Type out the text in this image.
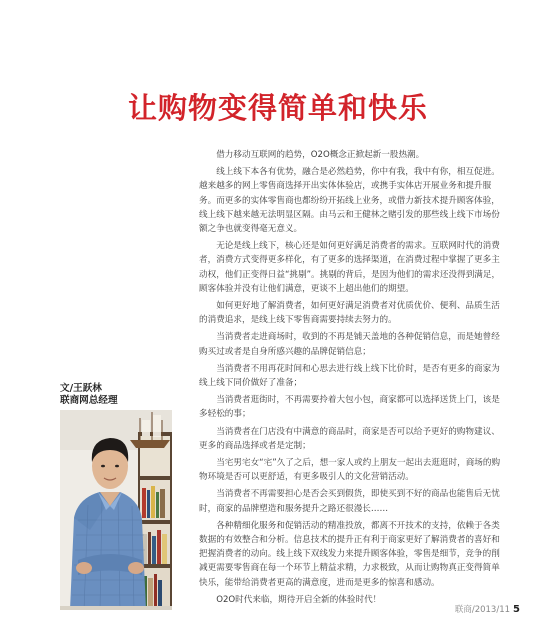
让购物变得简单和快乐

借力移动互联网的趋势，O2O概念正掀起新一股热潮。

线上线下本各有优势，融合是必然趋势，你中有我，我中有你，相互促进。越来越多的网上零售商选择开出实体体验店，或携手实体店开展业务和提升服务。而更多的实体零售商也都纷纷开拓线上业务，或借力新技术提升顾客体验，线上线下越来越无法明显区隔。由马云和王健林之赌引发的那些线上线下市场份额之争也就变得毫无意义。

无论是线上线下，核心还是如何更好满足消费者的需求。互联网时代的消费者，消费方式变得更多样化，有了更多的选择渠道，在消费过程中掌握了更多主动权，他们正变得日益“挑剔”。挑剔的背后，是因为他们的需求还没得到满足，顾客体验并没有让他们满意，更谈不上超出他们的期望。

如何更好地了解消费者，如何更好满足消费者对优质优价、便利、品质生活的消费追求，是线上线下零售商需要持续去努力的。

当消费者走进商场时，收到的不再是铺天盖地的各种促销信息，而是她曾经购买过或者是自身所感兴趣的品牌促销信息；

当消费者不用再花时间和心思去进行线上线下比价时，是否有更多的商家为线上线下同价做好了准备；

当消费者逛街时，不再需要拎着大包小包，商家都可以选择送货上门，该是多轻松的事；

当消费者在门店没有中满意的商品时，商家是否可以给予更好的购物建议、更多的商品选择或者是定制；

当宅男宅女“宅”久了之后，想一家人或约上朋友一起出去逛逛时，商场的购物环境是否可以更舒适，有更多吸引人的文化营销活动。

当消费者不再需要担心是否会买到假货，即使买到不好的商品也能售后无忧时，商家的品牌塑造和服务提升之路还很漫长……

各种精细化服务和促销活动的精准投放，都离不开技术的支持，依赖于各类数据的有效整合和分析。信息技术的提升正有利于商家更好了解消费者的喜好和把握消费者的动向。线上线下双线发力来提升顾客体验，零售是细节，竞争的削减更需要零售商在每一个环节上精益求精，力求极致，从而让购物真正变得简单快乐，能带给消费者更高的满意度，进而是更多的惊喜和感动。

O2O时代来临，期待开启全新的体验时代！

文/王跃林
联商网总经理
联商/2013/11 5
